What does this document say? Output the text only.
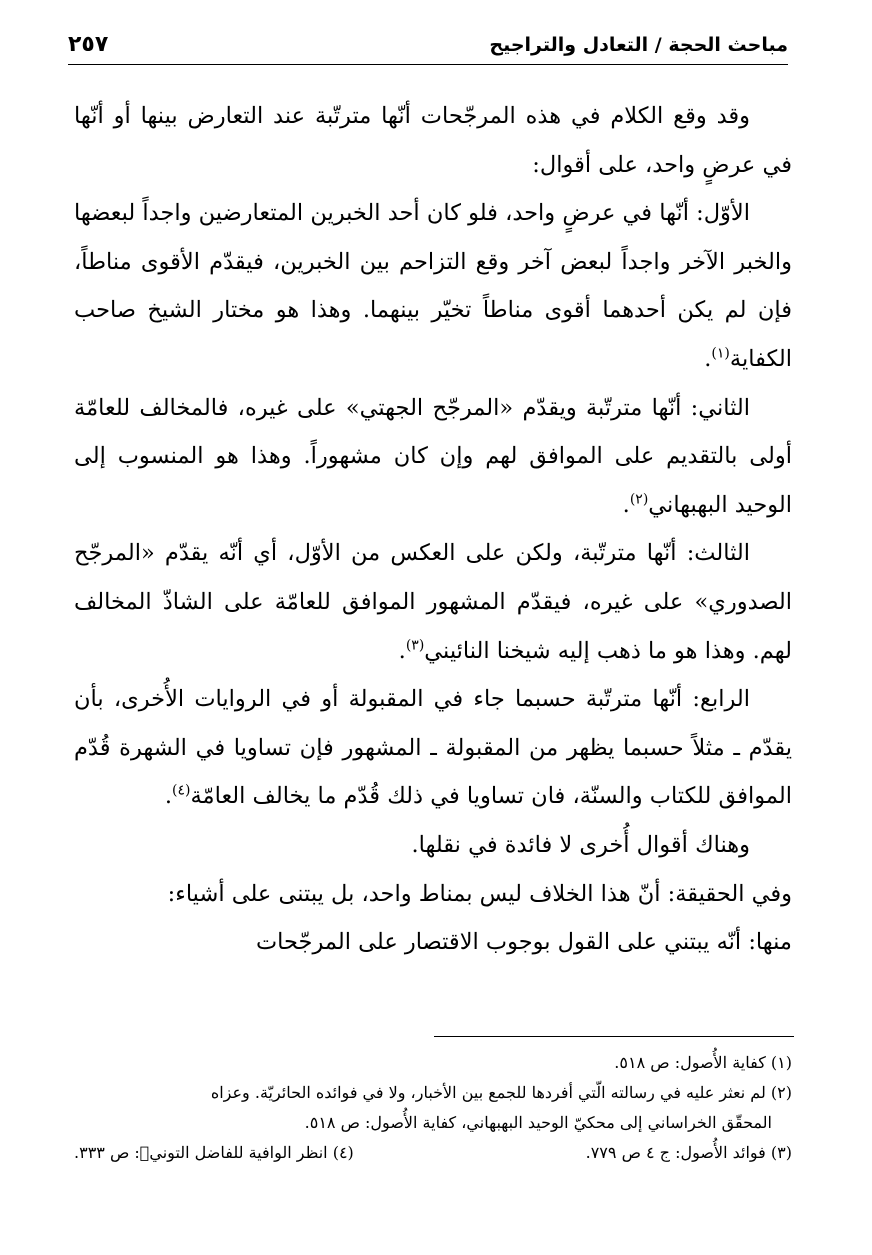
مباحث الحجة / التعادل والتراجيح
٢٥٧

وقد وقع الكلام في هذه المرجّحات أنّها مترتّبة عند التعارض بينها أو أنّها في عرضٍ واحد، على أقوال:

الأوّل: أنّها في عرضٍ واحد، فلو كان أحد الخبرين المتعارضين واجداً لبعضها والخبر الآخر واجداً لبعض آخر وقع التزاحم بين الخبرين، فيقدّم الأقوى مناطاً، فإن لم يكن أحدهما أقوى مناطاً تخيّر بينهما. وهذا هو مختار الشيخ صاحب الكفاية$^{(١)}$.

الثاني: أنّها مترتّبة ويقدّم «المرجّح الجهتي» على غيره، فالمخالف للعامّة أولى بالتقديم على الموافق لهم وإن كان مشهوراً. وهذا هو المنسوب إلى الوحيد البهبهاني$^{(٢)}$.

الثالث: أنّها مترتّبة، ولكن على العكس من الأوّل، أي أنّه يقدّم «المرجّح الصدوري» على غيره، فيقدّم المشهور الموافق للعامّة على الشاذّ المخالف لهم. وهذا هو ما ذهب إليه شيخنا النائيني$^{(٣)}$.

الرابع: أنّها مترتّبة حسبما جاء في المقبولة أو في الروايات الأُخرى، بأن يقدّم ـ مثلاً حسبما يظهر من المقبولة ـ المشهور فإن تساويا في الشهرة قُدّم الموافق للكتاب والسنّة، فان تساويا في ذلك قُدّم ما يخالف العامّة$^{(٤)}$.

وهناك أقوال أُخرى لا فائدة في نقلها.

وفي الحقيقة: أنّ هذا الخلاف ليس بمناط واحد، بل يبتنى على أشياء:

منها: أنّه يبتني على القول بوجوب الاقتصار على المرجّحات

(١) كفاية الأُصول: ص ٥١٨.

(٢) لم نعثر عليه في رسالته الّتي أفردها للجمع بين الأخبار، ولا في فوائده الحائريّة. وعزاه

المحقّق الخراساني إلى محكيّ الوحيد البهبهاني، كفاية الأُصول: ص ٥١٨.

(٣) فوائد الأُصول: ج ٤ ص ٧٧٩.
(٤) انظر الوافية للفاضل التوني﷫: ص ٣٣٣.
